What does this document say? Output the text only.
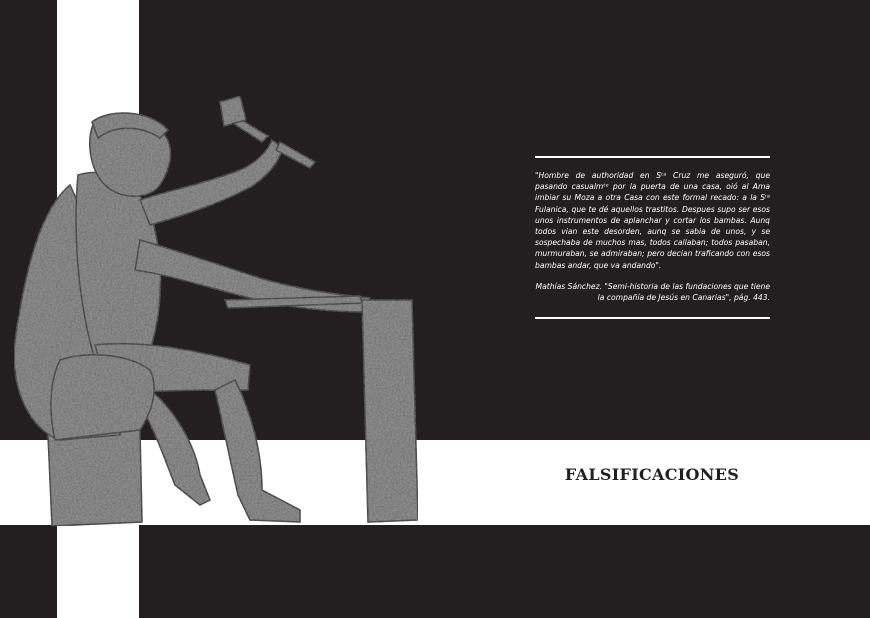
"Hombre de authoridad en Sᵗᵃ Cruz me aseguró, que pasando casualmᵗᵉ por la puerta de una casa, oió al Ama imbiar su Moza a otra Casa con este formal recado: a la Sʳᵃ Fulanica, que te dé aquellos trastitos. Despues supo ser esos unos instrumentos de aplanchar y cortar los bambas. Aunq todos vian este desorden, aunq se sabia de unos, y se sospechaba de muchos mas, todos callaban; todos pasaban, murmuraban, se admiraban; pero decian traficando con esos bambas andar, que va andando".

Mathías Sánchez. "Semi-historia de las fundaciones que tiene la compañía de Jesús en Canarias", pág. 443.

FALSIFICACIONES
